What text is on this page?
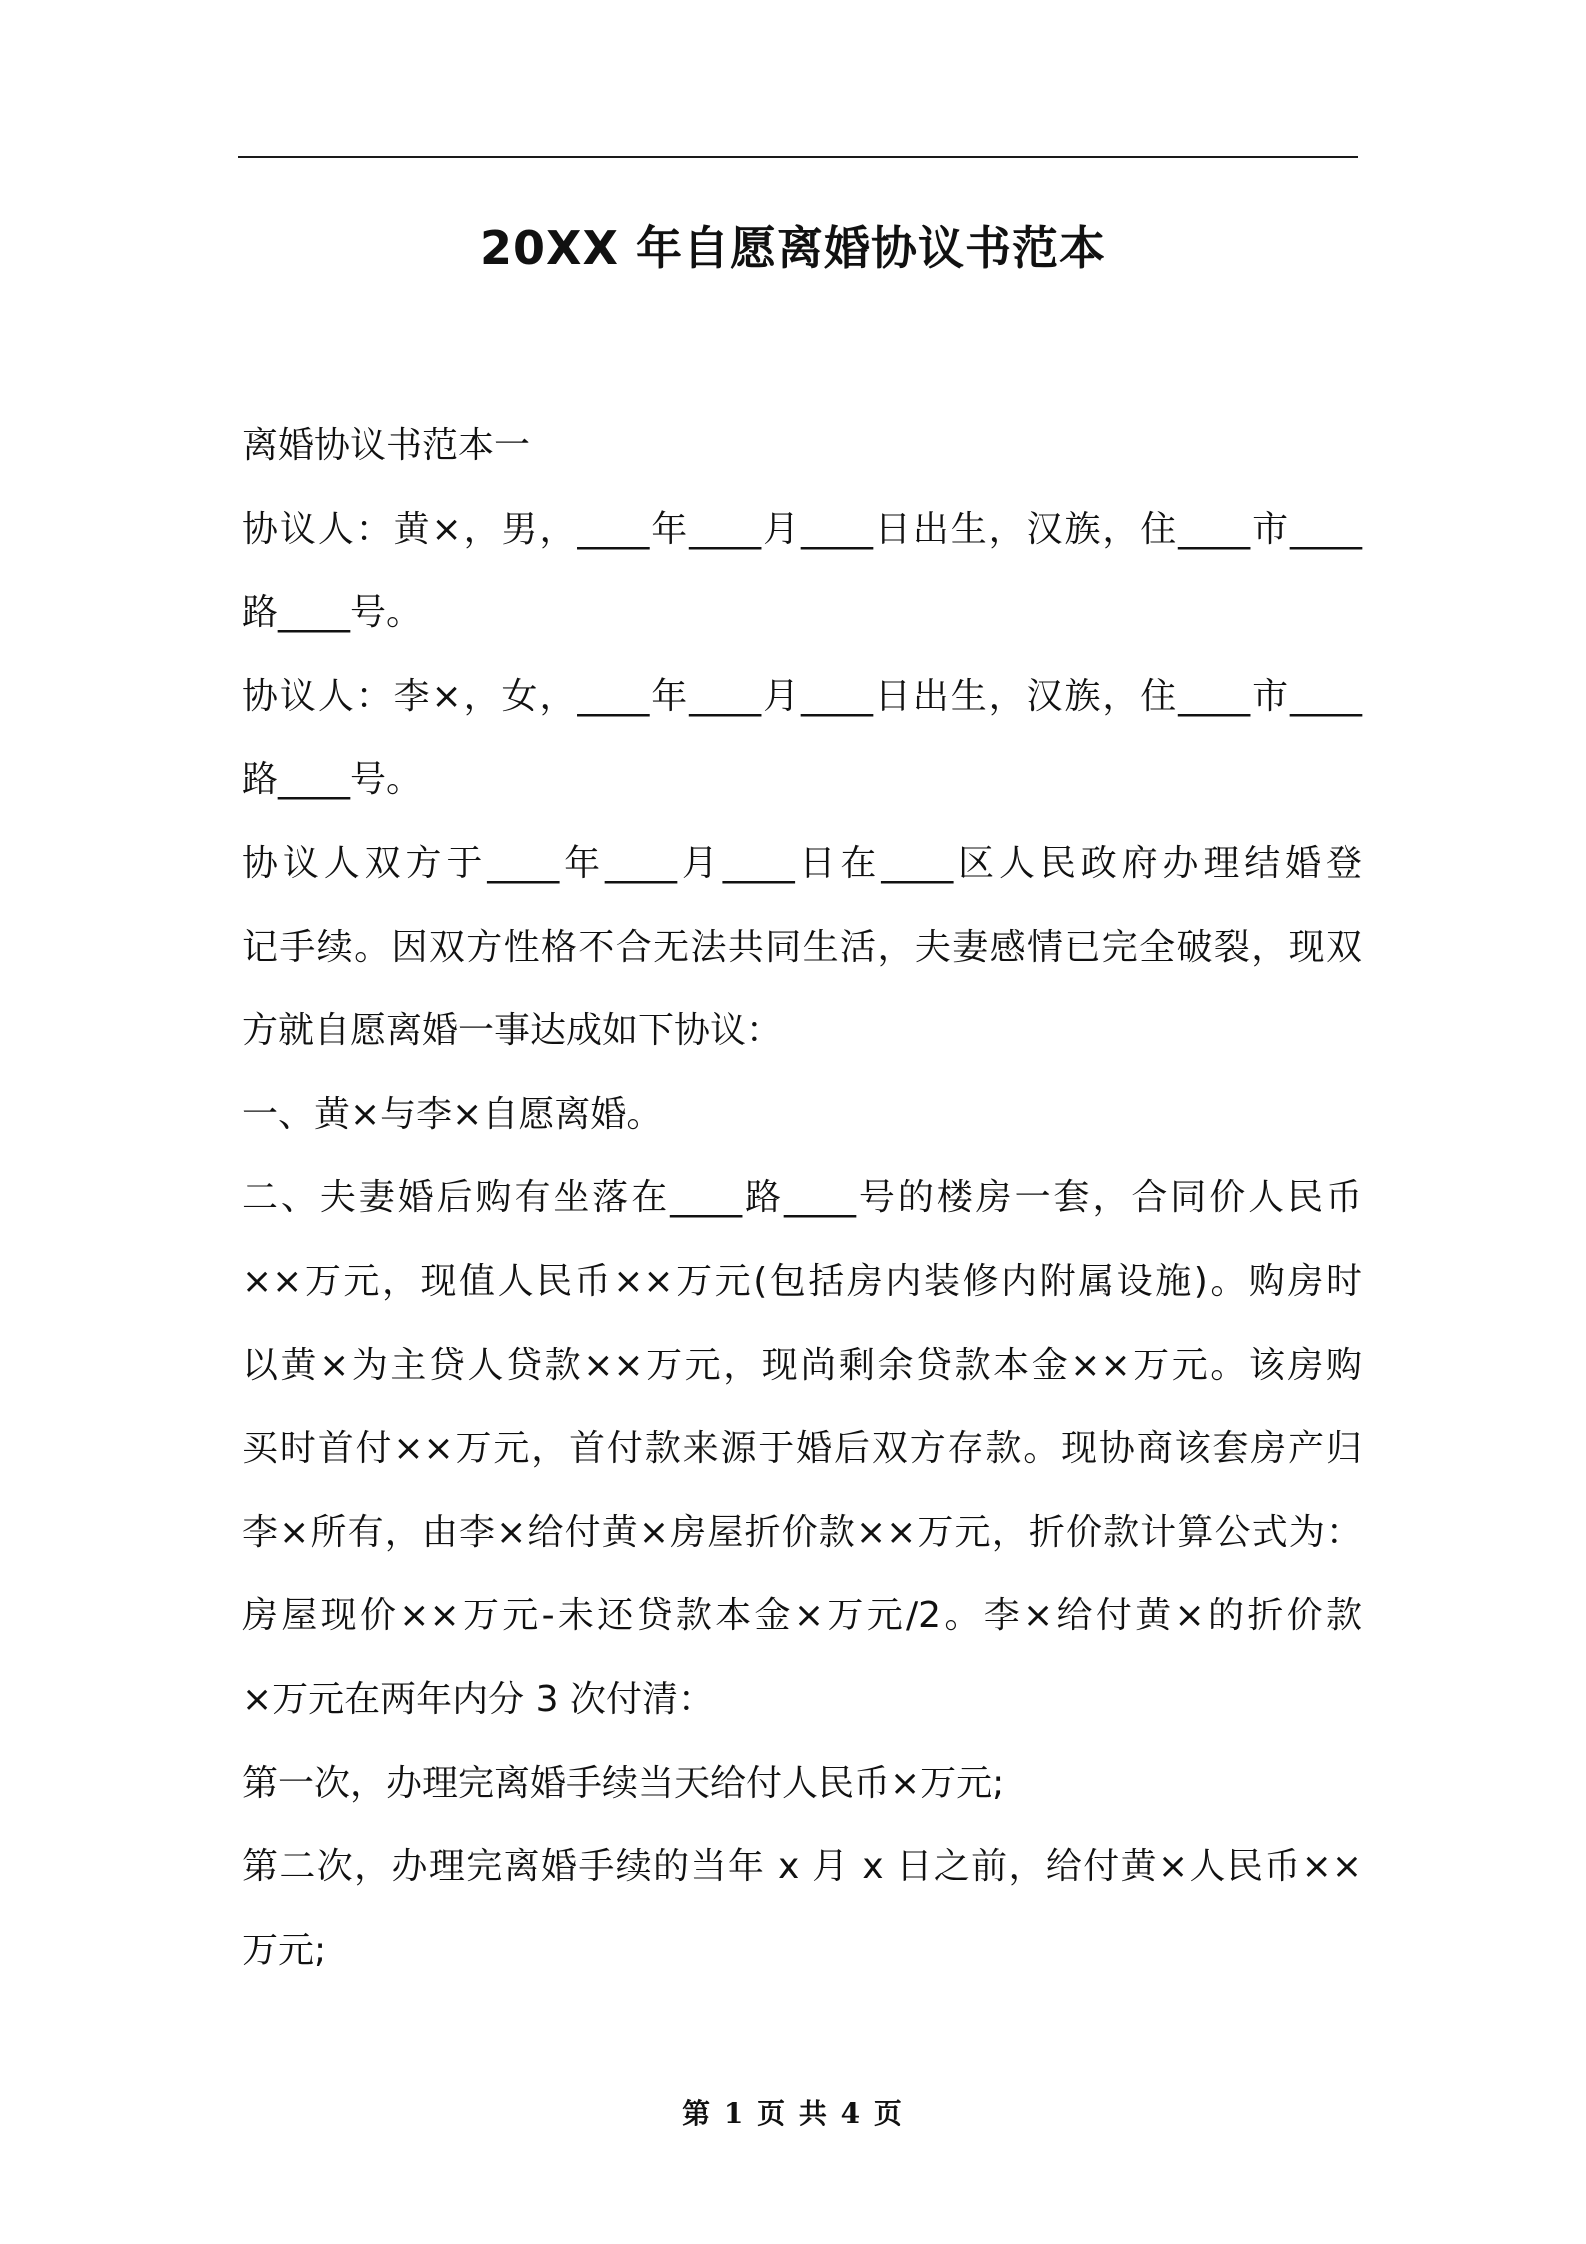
20XX 年自愿离婚协议书范本
离婚协议书范本一
协议人：黄×，男，____年____月____日出生，汉族，住____市____
路____号。
协议人：李×，女，____年____月____日出生，汉族，住____市____
路____号。
协议人双方于____年____月____日在____区人民政府办理结婚登
记手续。因双方性格不合无法共同生活，夫妻感情已完全破裂，现双
方就自愿离婚一事达成如下协议：
一、黄×与李×自愿离婚。
二、夫妻婚后购有坐落在____路____号的楼房一套，合同价人民币
××万元，现值人民币××万元(包括房内装修内附属设施)。购房时
以黄×为主贷人贷款××万元，现尚剩余贷款本金××万元。该房购
买时首付××万元，首付款来源于婚后双方存款。现协商该套房产归
李×所有，由李×给付黄×房屋折价款××万元，折价款计算公式为：
房屋现价××万元-未还贷款本金×万元/2。李×给付黄×的折价款
×万元在两年内分 3 次付清：
第一次，办理完离婚手续当天给付人民币×万元;
第二次，办理完离婚手续的当年 x 月 x 日之前，给付黄×人民币××
万元;
第 1 页 共 4 页
